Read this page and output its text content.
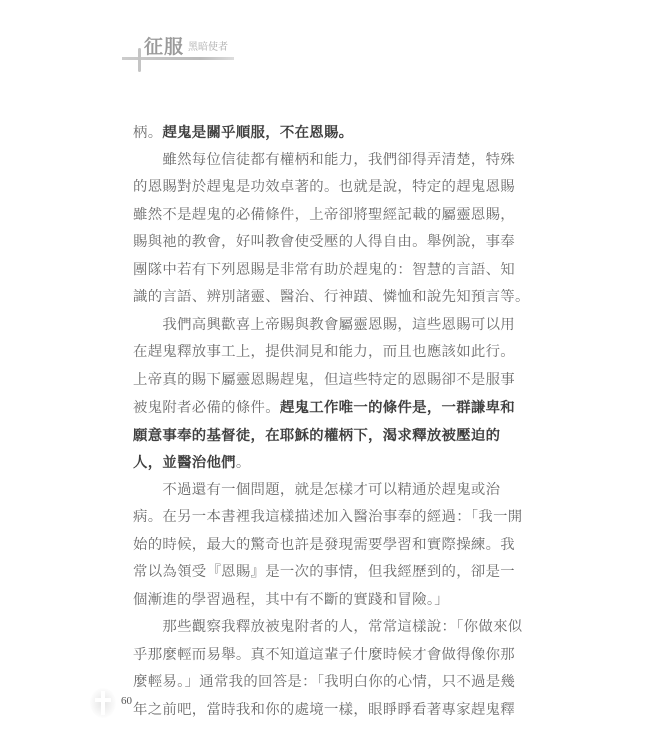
征服 黑暗使者
柄。趕鬼是關乎順服，不在恩賜。
　　雖然每位信徒都有權柄和能力，我們卻得弄清楚，特殊
的恩賜對於趕鬼是功效卓著的。也就是說，特定的趕鬼恩賜
雖然不是趕鬼的必備條件，上帝卻將聖經記載的屬靈恩賜，
賜與祂的教會，好叫教會使受壓的人得自由。舉例說，事奉
團隊中若有下列恩賜是非常有助於趕鬼的：智慧的言語、知
識的言語、辨別諸靈、醫治、行神蹟、憐恤和說先知預言等。
　　我們高興歡喜上帝賜與教會屬靈恩賜，這些恩賜可以用
在趕鬼釋放事工上，提供洞見和能力，而且也應該如此行。
上帝真的賜下屬靈恩賜趕鬼，但這些特定的恩賜卻不是服事
被鬼附者必備的條件。趕鬼工作唯一的條件是，一群謙卑和
願意事奉的基督徒，在耶穌的權柄下，渴求釋放被壓迫的
人，並醫治他們。
　　不過還有一個問題，就是怎樣才可以精通於趕鬼或治
病。在另一本書裡我這樣描述加入醫治事奉的經過：「我一開
始的時候，最大的驚奇也許是發現需要學習和實際操練。我
常以為領受『恩賜』是一次的事情，但我經歷到的，卻是一
個漸進的學習過程，其中有不斷的實踐和冒險。」
　　那些觀察我釋放被鬼附者的人，常常這樣說：「你做來似
乎那麼輕而易舉。真不知道這輩子什麼時候才會做得像你那
麼輕易。」通常我的回答是：「我明白你的心情，只不過是幾
年之前吧，當時我和你的處境一樣，眼睜睜看著專家趕鬼釋
60
